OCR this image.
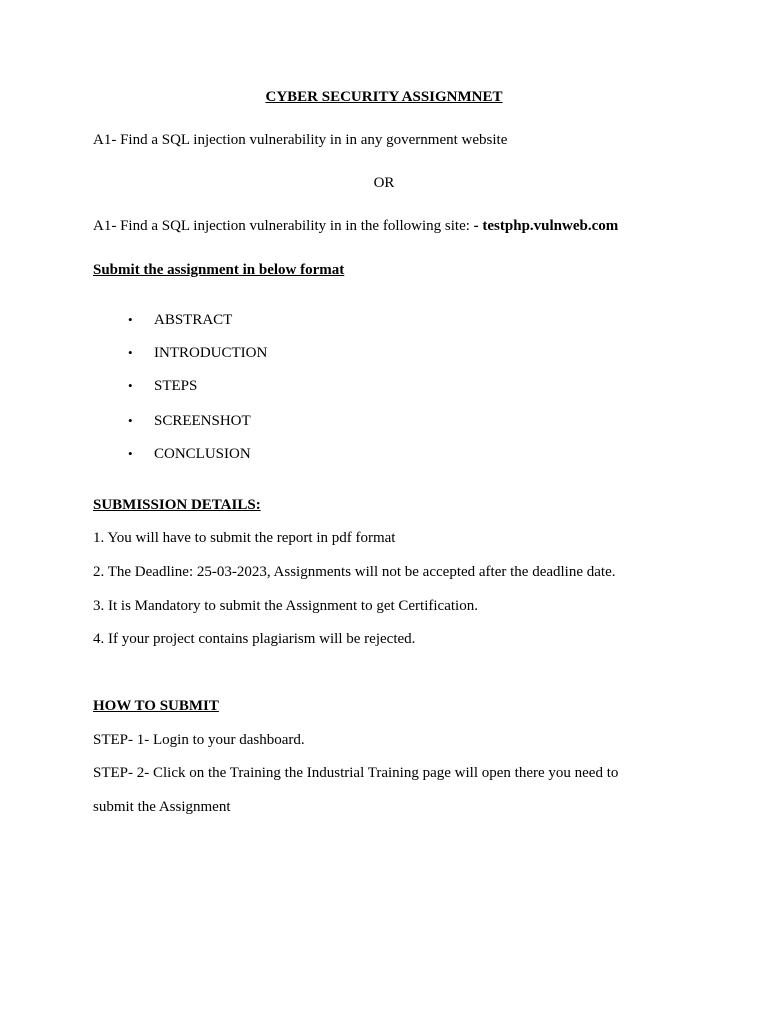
CYBER SECURITY ASSIGNMNET
A1- Find a SQL injection vulnerability in in any government website
OR
A1- Find a SQL injection vulnerability in in the following site: - testphp.vulnweb.com
Submit the assignment in below format
• ABSTRACT
• INTRODUCTION
• STEPS
• SCREENSHOT
• CONCLUSION
SUBMISSION DETAILS:
1. You will have to submit the report in pdf format
2. The Deadline: 25-03-2023, Assignments will not be accepted after the deadline date.
3. It is Mandatory to submit the Assignment to get Certification.
4. If your project contains plagiarism will be rejected.
HOW TO SUBMIT
STEP- 1- Login to your dashboard.
STEP- 2- Click on the Training the Industrial Training page will open there you need to
submit the Assignment
